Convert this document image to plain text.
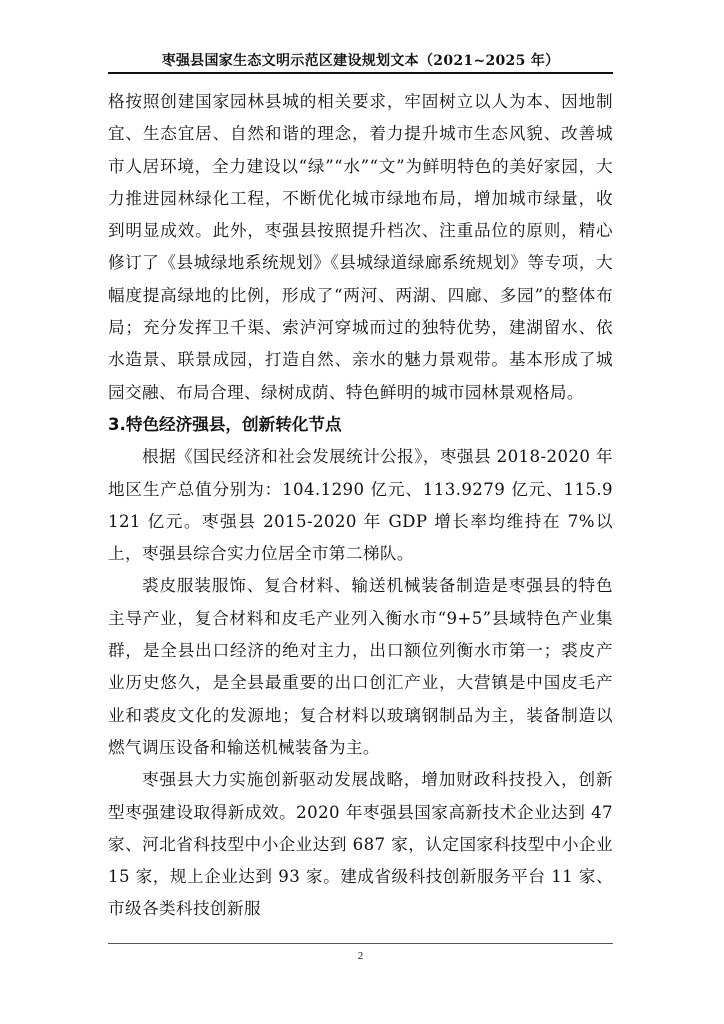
枣强县国家生态文明示范区建设规划文本（2021~2025 年）

格按照创建国家园林县城的相关要求，牢固树立以人为本、因地制宜、生态宜居、自然和谐的理念，着力提升城市生态风貌、改善城市人居环境，全力建设以“绿”“水”“文”为鲜明特色的美好家园，大力推进园林绿化工程，不断优化城市绿地布局，增加城市绿量，收到明显成效。此外，枣强县按照提升档次、注重品位的原则，精心修订了《县城绿地系统规划》《县城绿道绿廊系统规划》等专项，大幅度提高绿地的比例，形成了“两河、两湖、四廊、多园”的整体布局；充分发挥卫千渠、索泸河穿城而过的独特优势，建湖留水、依水造景、联景成园，打造自然、亲水的魅力景观带。基本形成了城园交融、布局合理、绿树成荫、特色鲜明的城市园林景观格局。

3.特色经济强县，创新转化节点

根据《国民经济和社会发展统计公报》，枣强县 2018-2020 年地区生产总值分别为：104.1290 亿元、113.9279 亿元、115.9121 亿元。枣强县 2015-2020 年 GDP 增长率均维持在 7%以上，枣强县综合实力位居全市第二梯队。

裘皮服装服饰、复合材料、输送机械装备制造是枣强县的特色主导产业，复合材料和皮毛产业列入衡水市“9+5”县域特色产业集群，是全县出口经济的绝对主力，出口额位列衡水市第一；裘皮产业历史悠久，是全县最重要的出口创汇产业，大营镇是中国皮毛产业和裘皮文化的发源地；复合材料以玻璃钢制品为主，装备制造以燃气调压设备和输送机械装备为主。

枣强县大力实施创新驱动发展战略，增加财政科技投入，创新型枣强建设取得新成效。2020 年枣强县国家高新技术企业达到 47 家、河北省科技型中小企业达到 687 家，认定国家科技型中小企业 15 家，规上企业达到 93 家。建成省级科技创新服务平台 11 家、市级各类科技创新服

2
